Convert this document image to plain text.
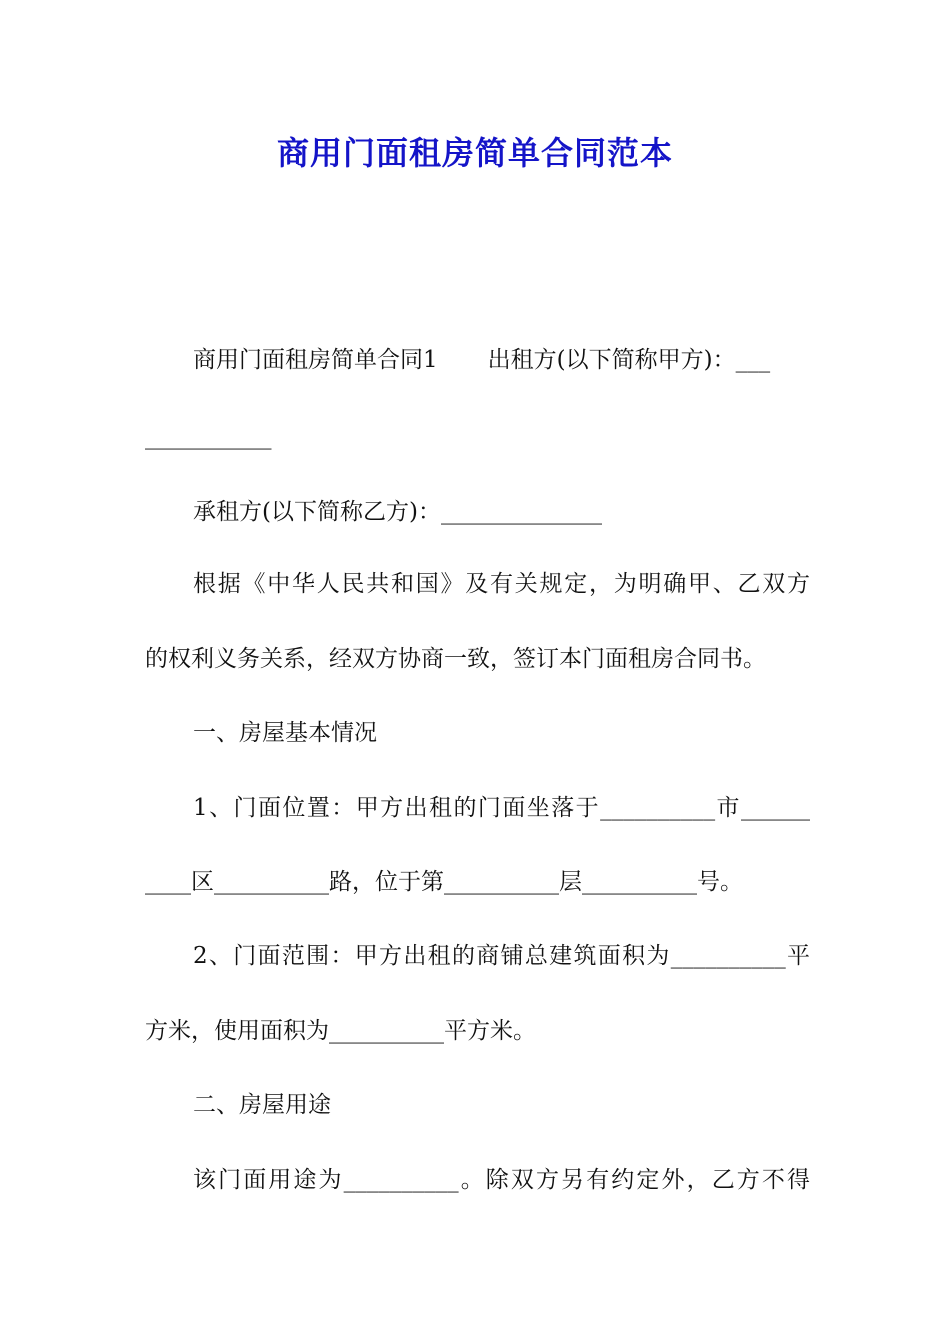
商用门面租房简单合同范本
商用门面租房简单合同1 出租方(以下简称甲方)：___
___________
承租方(以下简称乙方)：______________
根据《中华人民共和国》及有关规定，为明确甲、乙双方
的权利义务关系，经双方协商一致，签订本门面租房合同书。
一、房屋基本情况
1、门面位置：甲方出租的门面坐落于__________市______
____区__________路，位于第__________层__________号。
2、门面范围：甲方出租的商铺总建筑面积为__________平
方米，使用面积为__________平方米。
二、房屋用途
该门面用途为__________。除双方另有约定外，乙方不得
